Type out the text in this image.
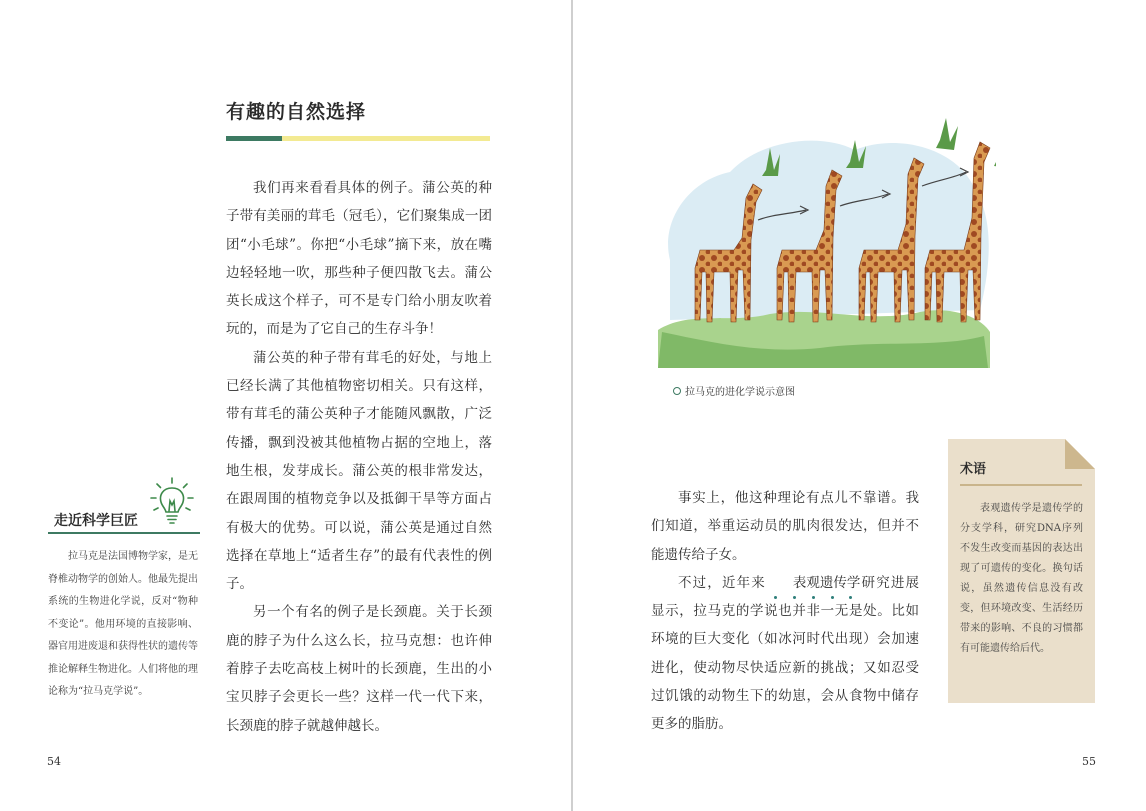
有趣的自然选择

我们再来看看具体的例子。蒲公英的种子带有美丽的茸毛（冠毛），它们聚集成一团团“小毛球”。你把“小毛球”摘下来，放在嘴边轻轻地一吹，那些种子便四散飞去。蒲公英长成这个样子，可不是专门给小朋友吹着玩的，而是为了它自己的生存斗争！

蒲公英的种子带有茸毛的好处，与地上已经长满了其他植物密切相关。只有这样，带有茸毛的蒲公英种子才能随风飘散，广泛传播，飘到没被其他植物占据的空地上，落地生根，发芽成长。蒲公英的根非常发达，在跟周围的植物竞争以及抵御干旱等方面占有极大的优势。可以说，蒲公英是通过自然选择在草地上“适者生存”的最有代表性的例子。

另一个有名的例子是长颈鹿。关于长颈鹿的脖子为什么这么长，拉马克想：也许伸着脖子去吃高枝上树叶的长颈鹿，生出的小宝贝脖子会更长一些？这样一代一代下来，长颈鹿的脖子就越伸越长。

走近科学巨匠

拉马克是法国博物学家，是无脊椎动物学的创始人。他最先提出系统的生物进化学说，反对“物种不变论”。他用环境的直接影响、器官用进废退和获得性状的遗传等推论解释生物进化。人们将他的理论称为“拉马克学说”。

54
拉马克的进化学说示意图

事实上，他这种理论有点儿不靠谱。我们知道，举重运动员的肌肉很发达，但并不能遗传给子女。

不过，近年来 表观遗传学
研究进展显示，拉马克的学说也并非一无是处。比如环境的巨大变化（如冰河时代出现）会加速进化，使动物尽快适应新的挑战；又如忍受过饥饿的动物生下的幼崽，会从食物中储存更多的脂肪。

术语

表观遗传学是遗传学的分支学科，研究DNA序列不发生改变而基因的表达出现了可遗传的变化。换句话说，虽然遗传信息没有改变，但环境改变、生活经历带来的影响、不良的习惯都有可能遗传给后代。

55
